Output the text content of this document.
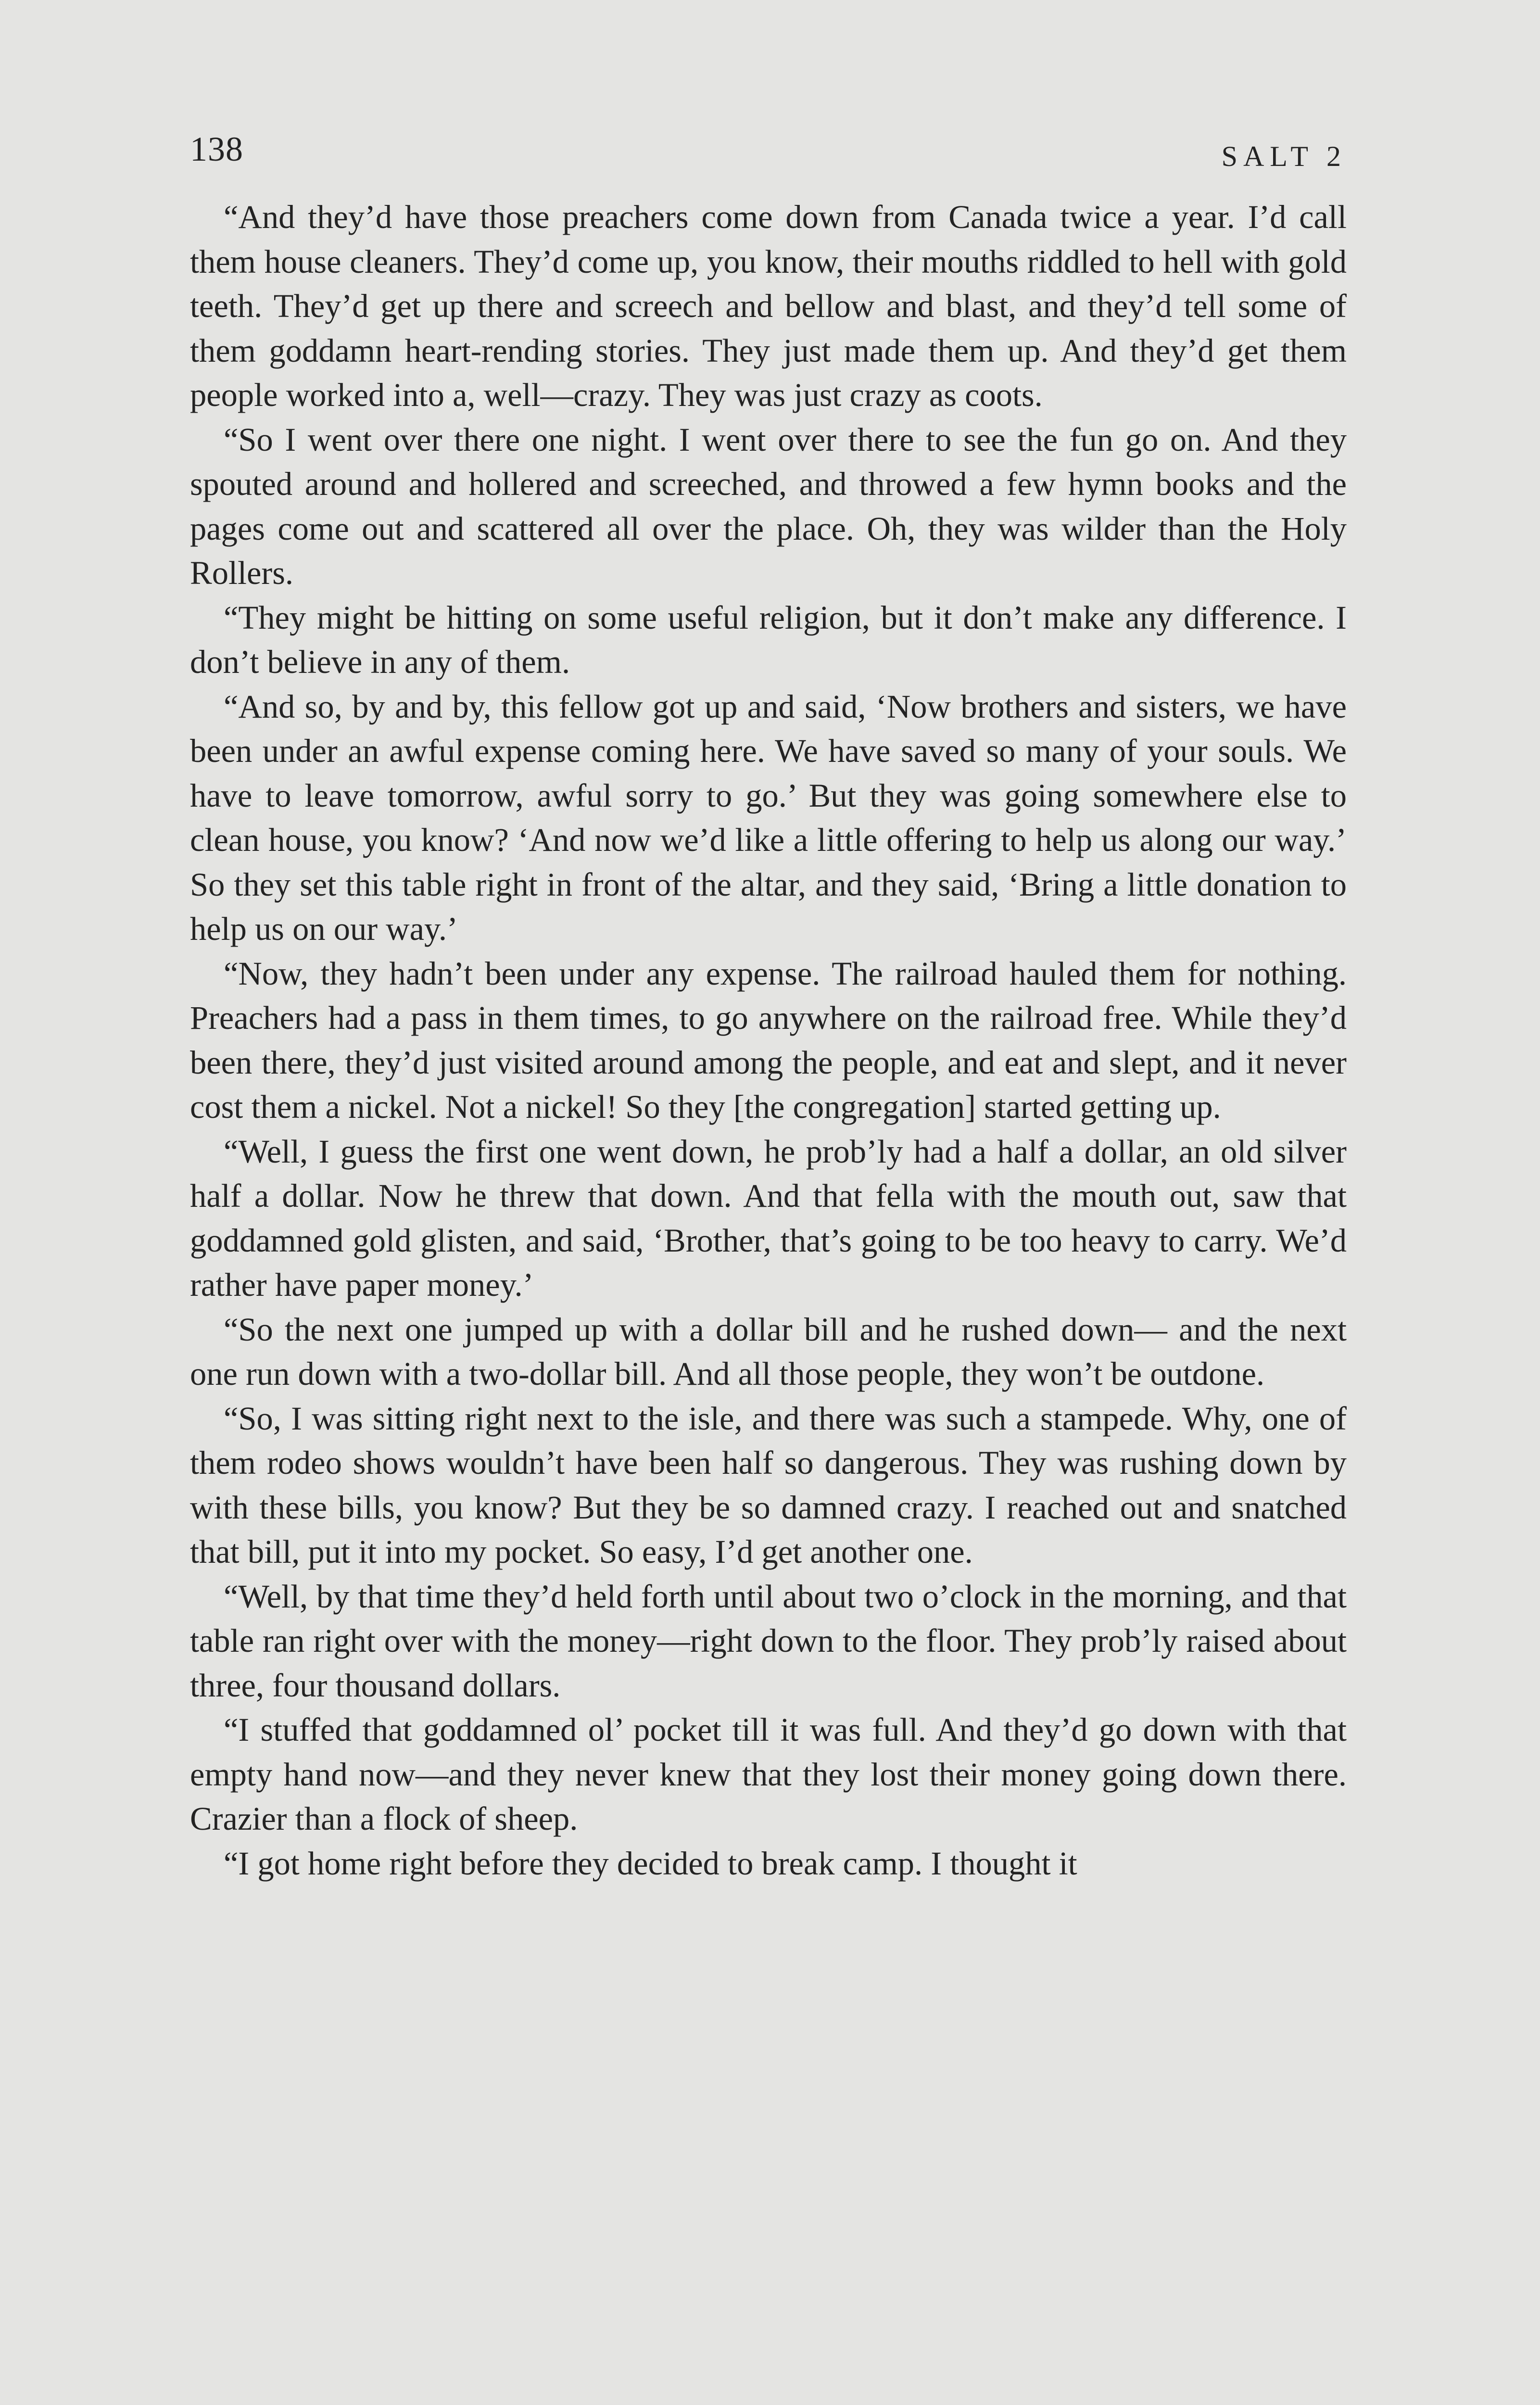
138	SALT 2

“And they’d have those preachers come down from Canada twice a year. I’d call them house cleaners. They’d come up, you know, their mouths riddled to hell with gold teeth. They’d get up there and screech and bellow and blast, and they’d tell some of them goddamn heart-rending stories. They just made them up. And they’d get them people worked into a, well—crazy. They was just crazy as coots.

“So I went over there one night. I went over there to see the fun go on. And they spouted around and hollered and screeched, and throwed a few hymn books and the pages come out and scattered all over the place. Oh, they was wilder than the Holy Rollers.

“They might be hitting on some useful religion, but it don’t make any difference. I don’t believe in any of them.

“And so, by and by, this fellow got up and said, ‘Now brothers and sisters, we have been under an awful expense coming here. We have saved so many of your souls. We have to leave tomorrow, awful sorry to go.’ But they was going somewhere else to clean house, you know? ‘And now we’d like a little offering to help us along our way.’ So they set this table right in front of the altar, and they said, ‘Bring a little donation to help us on our way.’

“Now, they hadn’t been under any expense. The railroad hauled them for nothing. Preachers had a pass in them times, to go anywhere on the railroad free. While they’d been there, they’d just visited around among the people, and eat and slept, and it never cost them a nickel. Not a nickel! So they [the congregation] started getting up.

“Well, I guess the first one went down, he prob’ly had a half a dollar, an old silver half a dollar. Now he threw that down. And that fella with the mouth out, saw that goddamned gold glisten, and said, ‘Brother, that’s going to be too heavy to carry. We’d rather have paper money.’

“So the next one jumped up with a dollar bill and he rushed down— and the next one run down with a two-dollar bill. And all those people, they won’t be outdone.

“So, I was sitting right next to the isle, and there was such a stampede. Why, one of them rodeo shows wouldn’t have been half so dangerous. They was rushing down by with these bills, you know? But they be so damned crazy. I reached out and snatched that bill, put it into my pocket. So easy, I’d get another one.

“Well, by that time they’d held forth until about two o’clock in the morning, and that table ran right over with the money—right down to the floor. They prob’ly raised about three, four thousand dollars.

“I stuffed that goddamned ol’ pocket till it was full. And they’d go down with that empty hand now—and they never knew that they lost their money going down there. Crazier than a flock of sheep.

“I got home right before they decided to break camp. I thought it
